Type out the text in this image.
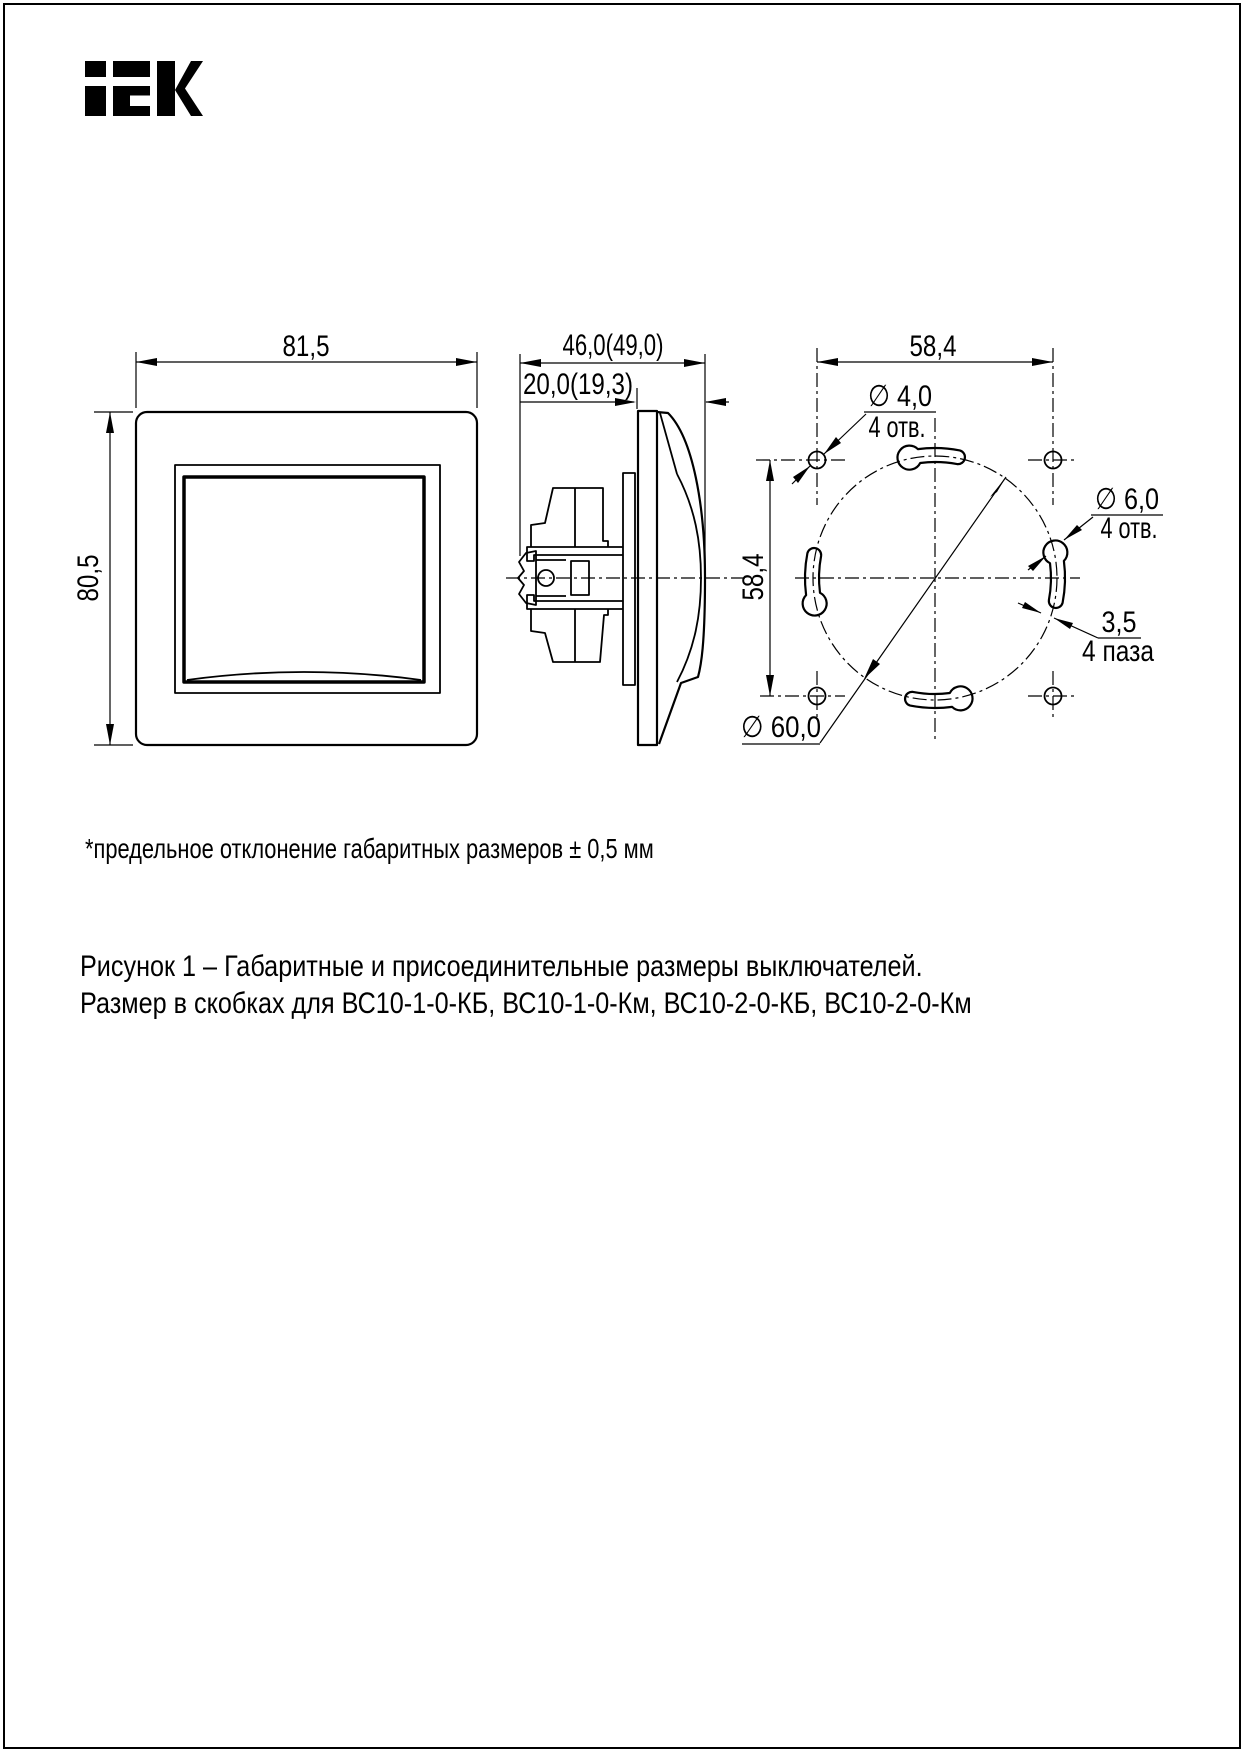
81,5
80,5
46,0(49,0)
20,0(19,3)
58,4
58,4
∅ 60,0
∅ 4,0
4 отв.
∅ 6,0
4 отв.
3,5
4 паза
*предельное отклонение габаритных размеров ± 0,5 мм
Рисунок 1 – Габаритные и присоединительные размеры выключателей.
Размер в скобках для ВС10-1-0-КБ, ВС10-1-0-Км, ВС10-2-0-КБ, ВС10-2-0-Км
